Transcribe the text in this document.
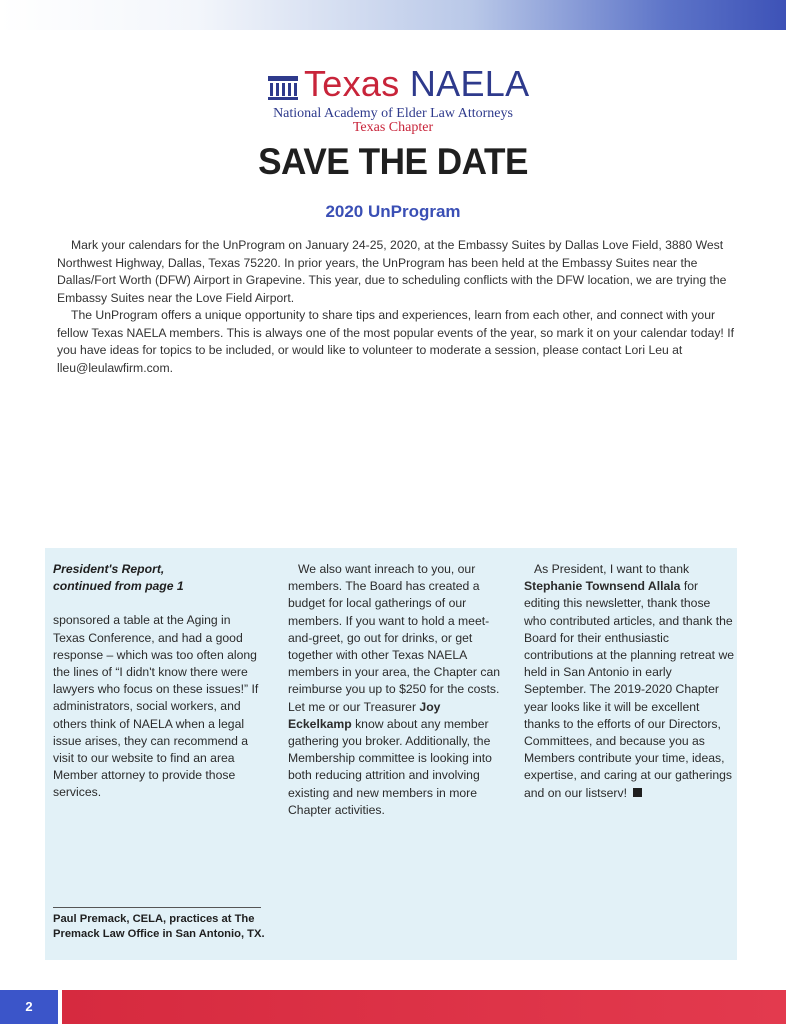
Texas NAELA
National Academy of Elder Law Attorneys
Texas Chapter
SAVE THE DATE
2020 UnProgram

Mark your calendars for the UnProgram on January 24-25, 2020, at the Embassy Suites by Dallas Love Field, 3880 West Northwest Highway, Dallas, Texas 75220. In prior years, the UnProgram has been held at the Embassy Suites near the Dallas/Fort Worth (DFW) Airport in Grapevine. This year, due to scheduling conflicts with the DFW location, we are trying the Embassy Suites near the Love Field Airport.

The UnProgram offers a unique opportunity to share tips and experiences, learn from each other, and connect with your fellow Texas NAELA members. This is always one of the most popular events of the year, so mark it on your calendar today! If you have ideas for topics to be included, or would like to volunteer to moderate a session, please contact Lori Leu at lleu@leulawfirm.com.

President's Report,
continued from page 1

sponsored a table at the Aging in Texas Conference, and had a good response – which was too often along the lines of “I didn't know there were lawyers who focus on these issues!” If administrators, social workers, and others think of NAELA when a legal issue arises, they can recommend a visit to our website to find an area Member attorney to provide those services.

We also want inreach to you, our members. The Board has created a budget for local gatherings of our members. If you want to hold a meet-and-greet, go out for drinks, or get together with other Texas NAELA members in your area, the Chapter can reimburse you up to $250 for the costs. Let me or our Treasurer Joy Eckelkamp know about any member gathering you broker. Additionally, the Membership committee is looking into both reducing attrition and involving existing and new members in more Chapter activities.

As President, I want to thank Stephanie Townsend Allala for editing this newsletter, thank those who contributed articles, and thank the Board for their enthusiastic contributions at the planning retreat we held in San Antonio in early September. The 2019-2020 Chapter year looks like it will be excellent thanks to the efforts of our Directors, Committees, and because you as Members contribute your time, ideas, expertise, and caring at our gatherings and on our listserv!

Paul Premack, CELA, practices at The Premack Law Office in San Antonio, TX.
2
